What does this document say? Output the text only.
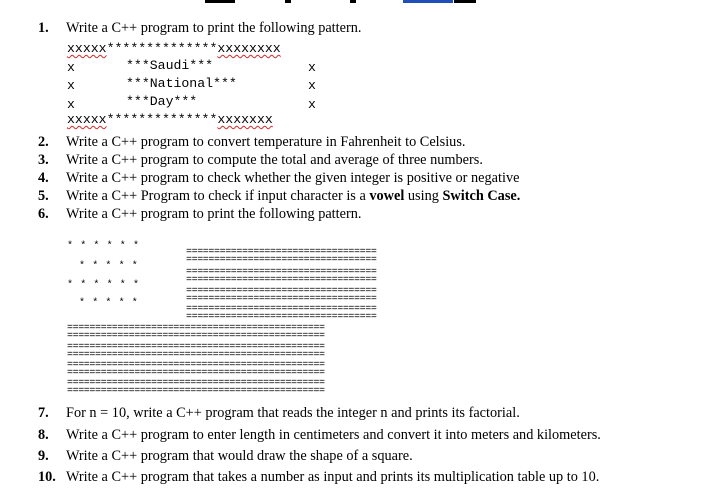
1. Write a C++ program to print the following pattern.
xxxxx**************xxxxxxxx
x	***Saudi***	x
x	***National***	x
x	***Day***	x
xxxxx**************xxxxxxx
2. Write a C++ program to convert temperature in Fahrenheit to Celsius.
3. Write a C++ program to compute the total and average of three numbers.
4. Write a C++ program to check whether the given integer is positive or negative
5. Write a C++ Program to check if input character is a vowel using Switch Case.
6. Write a C++ program to print the following pattern.
* * * * * *
* * * * *
* * * * * *
* * * * *

==================================
==================================

==================================
==================================

==================================
==================================

==================================
==================================

==============================================
==============================================

==============================================
==============================================

==============================================
==============================================

==============================================
==============================================

7. For n = 10, write a C++ program that reads the integer n and prints its factorial.
8. Write a C++ program to enter length in centimeters and convert it into meters and kilometers.
9. Write a C++ program that would draw the shape of a square.
10. Write a C++ program that takes a number as input and prints its multiplication table up to 10.
